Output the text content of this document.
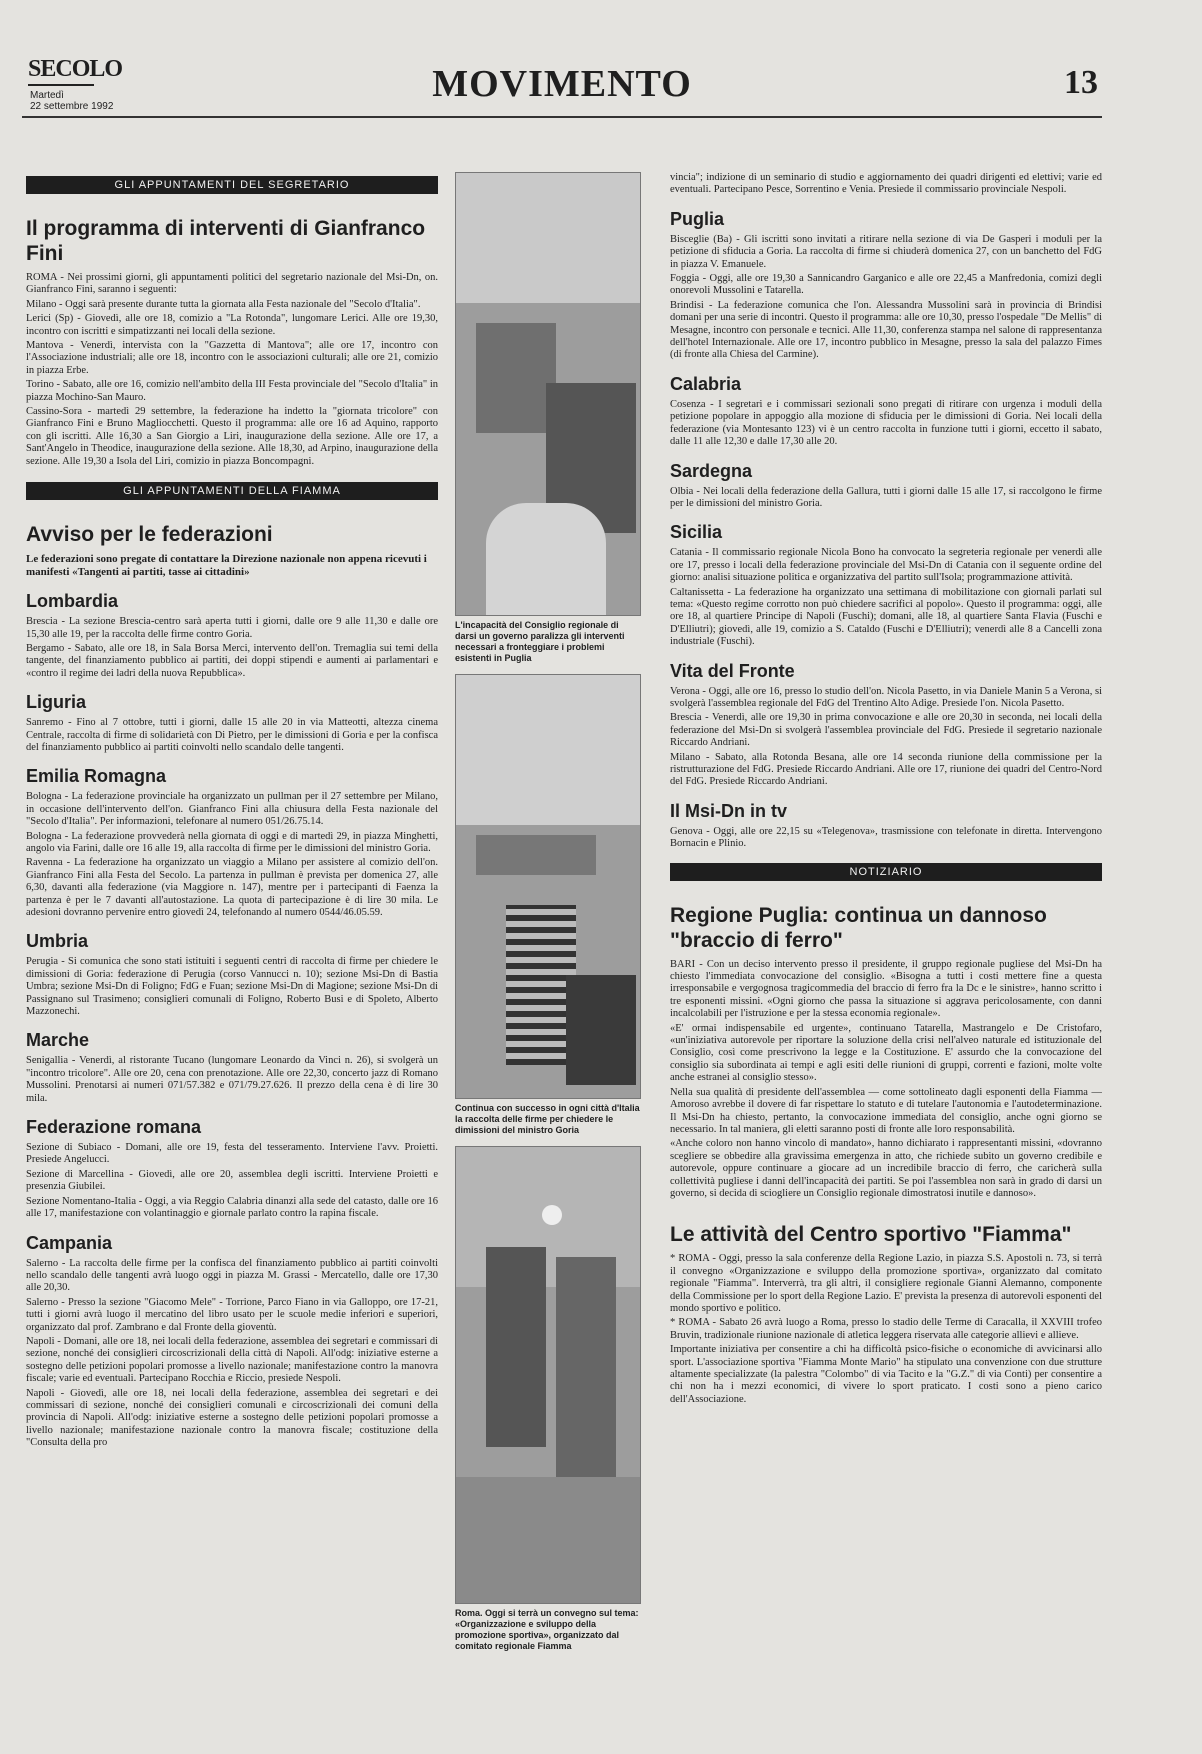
SECOLO
Martedì
22 settembre 1992
MOVIMENTO	13
GLI APPUNTAMENTI DEL SEGRETARIO
Il programma di interventi di Gianfranco Fini

ROMA - Nei prossimi giorni, gli appuntamenti politici del segretario nazionale del Msi-Dn, on. Gianfranco Fini, saranno i seguenti:

Milano - Oggi sarà presente durante tutta la giornata alla Festa nazionale del "Secolo d'Italia".

Lerici (Sp) - Giovedì, alle ore 18, comizio a "La Rotonda", lungomare Lerici. Alle ore 19,30, incontro con iscritti e simpatizzanti nei locali della sezione.

Mantova - Venerdì, intervista con la "Gazzetta di Mantova"; alle ore 17, incontro con l'Associazione industriali; alle ore 18, incontro con le associazioni culturali; alle ore 21, comizio in piazza Erbe.

Torino - Sabato, alle ore 16, comizio nell'ambito della III Festa provinciale del "Secolo d'Italia" in piazza Mochino-San Mauro.

Cassino-Sora - martedì 29 settembre, la federazione ha indetto la "giornata tricolore" con Gianfranco Fini e Bruno Magliocchetti. Questo il programma: alle ore 16 ad Aquino, rapporto con gli iscritti. Alle 16,30 a San Giorgio a Liri, inaugurazione della sezione. Alle ore 17, a Sant'Angelo in Theodice, inaugurazione della sezione. Alle 18,30, ad Arpino, inaugurazione della sezione. Alle 19,30 a Isola del Liri, comizio in piazza Boncompagni.

GLI APPUNTAMENTI DELLA FIAMMA
Avviso per le federazioni
Le federazioni sono pregate di contattare la Direzione nazionale non appena ricevuti i manifesti «Tangenti ai partiti, tasse ai cittadini»
Lombardia

Brescia - La sezione Brescia-centro sarà aperta tutti i giorni, dalle ore 9 alle 11,30 e dalle ore 15,30 alle 19, per la raccolta delle firme contro Goria.

Bergamo - Sabato, alle ore 18, in Sala Borsa Merci, intervento dell'on. Tremaglia sui temi della tangente, del finanziamento pubblico ai partiti, dei doppi stipendi e aumenti ai parlamentari e «contro il regime dei ladri della nuova Repubblica».

Liguria

Sanremo - Fino al 7 ottobre, tutti i giorni, dalle 15 alle 20 in via Matteotti, altezza cinema Centrale, raccolta di firme di solidarietà con Di Pietro, per le dimissioni di Goria e per la confisca del finanziamento pubblico ai partiti coinvolti nello scandalo delle tangenti.

Emilia Romagna

Bologna - La federazione provinciale ha organizzato un pullman per il 27 settembre per Milano, in occasione dell'intervento dell'on. Gianfranco Fini alla chiusura della Festa nazionale del "Secolo d'Italia". Per informazioni, telefonare al numero 051/26.75.14.

Bologna - La federazione provvederà nella giornata di oggi e di martedì 29, in piazza Minghetti, angolo via Farini, dalle ore 16 alle 19, alla raccolta di firme per le dimissioni del ministro Goria.

Ravenna - La federazione ha organizzato un viaggio a Milano per assistere al comizio dell'on. Gianfranco Fini alla Festa del Secolo. La partenza in pullman è prevista per domenica 27, alle 6,30, davanti alla federazione (via Maggiore n. 147), mentre per i partecipanti di Faenza la partenza è per le 7 davanti all'autostazione. La quota di partecipazione è di lire 30 mila. Le adesioni dovranno pervenire entro giovedì 24, telefonando al numero 0544/46.05.59.

Umbria

Perugia - Si comunica che sono stati istituiti i seguenti centri di raccolta di firme per chiedere le dimissioni di Goria: federazione di Perugia (corso Vannucci n. 10); sezione Msi-Dn di Bastia Umbra; sezione Msi-Dn di Foligno; FdG e Fuan; sezione Msi-Dn di Magione; sezione Msi-Dn di Passignano sul Trasimeno; consiglieri comunali di Foligno, Roberto Busi e di Spoleto, Alberto Mazzonechi.

Marche

Senigallia - Venerdì, al ristorante Tucano (lungomare Leonardo da Vinci n. 26), si svolgerà un "incontro tricolore". Alle ore 20, cena con prenotazione. Alle ore 22,30, concerto jazz di Romano Mussolini. Prenotarsi ai numeri 071/57.382 e 071/79.27.626. Il prezzo della cena è di lire 30 mila.

Federazione romana

Sezione di Subiaco - Domani, alle ore 19, festa del tesseramento. Interviene l'avv. Proietti. Presiede Angelucci.

Sezione di Marcellina - Giovedì, alle ore 20, assemblea degli iscritti. Interviene Proietti e presenzia Giubilei.

Sezione Nomentano-Italia - Oggi, a via Reggio Calabria dinanzi alla sede del catasto, dalle ore 16 alle 17, manifestazione con volantinaggio e giornale parlato contro la rapina fiscale.

Campania

Salerno - La raccolta delle firme per la confisca del finanziamento pubblico ai partiti coinvolti nello scandalo delle tangenti avrà luogo oggi in piazza M. Grassi - Mercatello, dalle ore 17,30 alle 20,30.

Salerno - Presso la sezione "Giacomo Mele" - Torrione, Parco Fiano in via Galloppo, ore 17-21, tutti i giorni avrà luogo il mercatino del libro usato per le scuole medie inferiori e superiori, organizzato dal prof. Zambrano e dal Fronte della gioventù.

Napoli - Domani, alle ore 18, nei locali della federazione, assemblea dei segretari e commissari di sezione, nonché dei consiglieri circoscrizionali della città di Napoli. All'odg: iniziative esterne a sostegno delle petizioni popolari promosse a livello nazionale; manifestazione contro la manovra fiscale; varie ed eventuali. Partecipano Rocchia e Riccio, presiede Nespoli.

Napoli - Giovedì, alle ore 18, nei locali della federazione, assemblea dei segretari e dei commissari di sezione, nonché dei consiglieri comunali e circoscrizionali dei comuni della provincia di Napoli. All'odg: iniziative esterne a sostegno delle petizioni popolari promosse a livello nazionale; manifestazione nazionale contro la manovra fiscale; costituzione della "Consulta della pro

L'incapacità del Consiglio regionale di darsi un governo paralizza gli interventi necessari a fronteggiare i problemi esistenti in Puglia
Continua con successo in ogni città d'Italia la raccolta delle firme per chiedere le dimissioni del ministro Goria
Roma. Oggi si terrà un convegno sul tema: «Organizzazione e sviluppo della promozione sportiva», organizzato dal comitato regionale Fiamma

vincia"; indizione di un seminario di studio e aggiornamento dei quadri dirigenti ed elettivi; varie ed eventuali. Partecipano Pesce, Sorrentino e Venia. Presiede il commissario provinciale Nespoli.

Puglia

Bisceglie (Ba) - Gli iscritti sono invitati a ritirare nella sezione di via De Gasperi i moduli per la petizione di sfiducia a Goria. La raccolta di firme si chiuderà domenica 27, con un banchetto del FdG in piazza V. Emanuele.

Foggia - Oggi, alle ore 19,30 a Sannicandro Garganico e alle ore 22,45 a Manfredonia, comizi degli onorevoli Mussolini e Tatarella.

Brindisi - La federazione comunica che l'on. Alessandra Mussolini sarà in provincia di Brindisi domani per una serie di incontri. Questo il programma: alle ore 10,30, presso l'ospedale "De Mellis" di Mesagne, incontro con personale e tecnici. Alle 11,30, conferenza stampa nel salone di rappresentanza dell'hotel Internazionale. Alle ore 17, incontro pubblico in Mesagne, presso la sala del palazzo Fimes (di fronte alla Chiesa del Carmine).

Calabria

Cosenza - I segretari e i commissari sezionali sono pregati di ritirare con urgenza i moduli della petizione popolare in appoggio alla mozione di sfiducia per le dimissioni di Goria. Nei locali della federazione (via Montesanto 123) vi è un centro raccolta in funzione tutti i giorni, eccetto il sabato, dalle 11 alle 12,30 e dalle 17,30 alle 20.

Sardegna

Olbia - Nei locali della federazione della Gallura, tutti i giorni dalle 15 alle 17, si raccolgono le firme per le dimissioni del ministro Goria.

Sicilia

Catania - Il commissario regionale Nicola Bono ha convocato la segreteria regionale per venerdì alle ore 17, presso i locali della federazione provinciale del Msi-Dn di Catania con il seguente ordine del giorno: analisi situazione politica e organizzativa del partito sull'Isola; programmazione attività.

Caltanissetta - La federazione ha organizzato una settimana di mobilitazione con giornali parlati sul tema: «Questo regime corrotto non può chiedere sacrifici al popolo». Questo il programma: oggi, alle ore 18, al quartiere Principe di Napoli (Fuschi); domani, alle 18, al quartiere Santa Flavia (Fuschi e D'Elliutri); giovedì, alle 19, comizio a S. Cataldo (Fuschi e D'Elliutri); venerdì alle 8 a Cancelli zona industriale (Fuschi).

Vita del Fronte

Verona - Oggi, alle ore 16, presso lo studio dell'on. Nicola Pasetto, in via Daniele Manin 5 a Verona, si svolgerà l'assemblea regionale del FdG del Trentino Alto Adige. Presiede l'on. Nicola Pasetto.

Brescia - Venerdì, alle ore 19,30 in prima convocazione e alle ore 20,30 in seconda, nei locali della federazione del Msi-Dn si svolgerà l'assemblea provinciale del FdG. Presiede il segretario nazionale Riccardo Andriani.

Milano - Sabato, alla Rotonda Besana, alle ore 14 seconda riunione della commissione per la ristrutturazione del FdG. Presiede Riccardo Andriani. Alle ore 17, riunione dei quadri del Centro-Nord del FdG. Presiede Riccardo Andriani.

Il Msi-Dn in tv

Genova - Oggi, alle ore 22,15 su «Telegenova», trasmissione con telefonate in diretta. Intervengono Bornacin e Plinio.

NOTIZIARIO
Regione Puglia: continua un dannoso "braccio di ferro"

BARI - Con un deciso intervento presso il presidente, il gruppo regionale pugliese del Msi-Dn ha chiesto l'immediata convocazione del consiglio. «Bisogna a tutti i costi mettere fine a questa irresponsabile e vergognosa tragicommedia del braccio di ferro fra la Dc e le sinistre», hanno scritto i tre esponenti missini. «Ogni giorno che passa la situazione si aggrava pericolosamente, con danni incalcolabili per l'istruzione e per la stessa economia regionale».

«E' ormai indispensabile ed urgente», continuano Tatarella, Mastrangelo e De Cristofaro, «un'iniziativa autorevole per riportare la soluzione della crisi nell'alveo naturale ed istituzionale del Consiglio, così come prescrivono la legge e la Costituzione. E' assurdo che la convocazione del consiglio sia subordinata ai tempi e agli esiti delle riunioni di gruppi, correnti e fazioni, molte volte anche estranei al consiglio stesso».

Nella sua qualità di presidente dell'assemblea — come sottolineato dagli esponenti della Fiamma — Amoroso avrebbe il dovere di far rispettare lo statuto e di tutelare l'autonomia e l'autodeterminazione. Il Msi-Dn ha chiesto, pertanto, la convocazione immediata del consiglio, anche ogni giorno se necessario. In tal maniera, gli eletti saranno posti di fronte alle loro responsabilità.

«Anche coloro non hanno vincolo di mandato», hanno dichiarato i rappresentanti missini, «dovranno scegliere se obbedire alla gravissima emergenza in atto, che richiede subito un governo credibile e autorevole, oppure continuare a giocare ad un incredibile braccio di ferro, che caricherà sulla collettività pugliese i danni dell'incapacità dei partiti. Se poi l'assemblea non sarà in grado di darsi un governo, si decida di sciogliere un Consiglio regionale dimostratosi inutile e dannoso».

Le attività del Centro sportivo "Fiamma"

* ROMA - Oggi, presso la sala conferenze della Regione Lazio, in piazza S.S. Apostoli n. 73, si terrà il convegno «Organizzazione e sviluppo della promozione sportiva», organizzato dal comitato regionale "Fiamma". Interverrà, tra gli altri, il consigliere regionale Gianni Alemanno, componente della Commissione per lo sport della Regione Lazio. E' prevista la presenza di autorevoli esponenti del mondo sportivo e politico.

* ROMA - Sabato 26 avrà luogo a Roma, presso lo stadio delle Terme di Caracalla, il XXVIII trofeo Bruvin, tradizionale riunione nazionale di atletica leggera riservata alle categorie allievi e allieve.

Importante iniziativa per consentire a chi ha difficoltà psico-fisiche o economiche di avvicinarsi allo sport. L'associazione sportiva "Fiamma Monte Mario" ha stipulato una convenzione con due strutture altamente specializzate (la palestra "Colombo" di via Tacito e la "G.Z." di via Conti) per consentire a chi non ha i mezzi economici, di vivere lo sport praticato. I costi sono a pieno carico dell'Associazione.
